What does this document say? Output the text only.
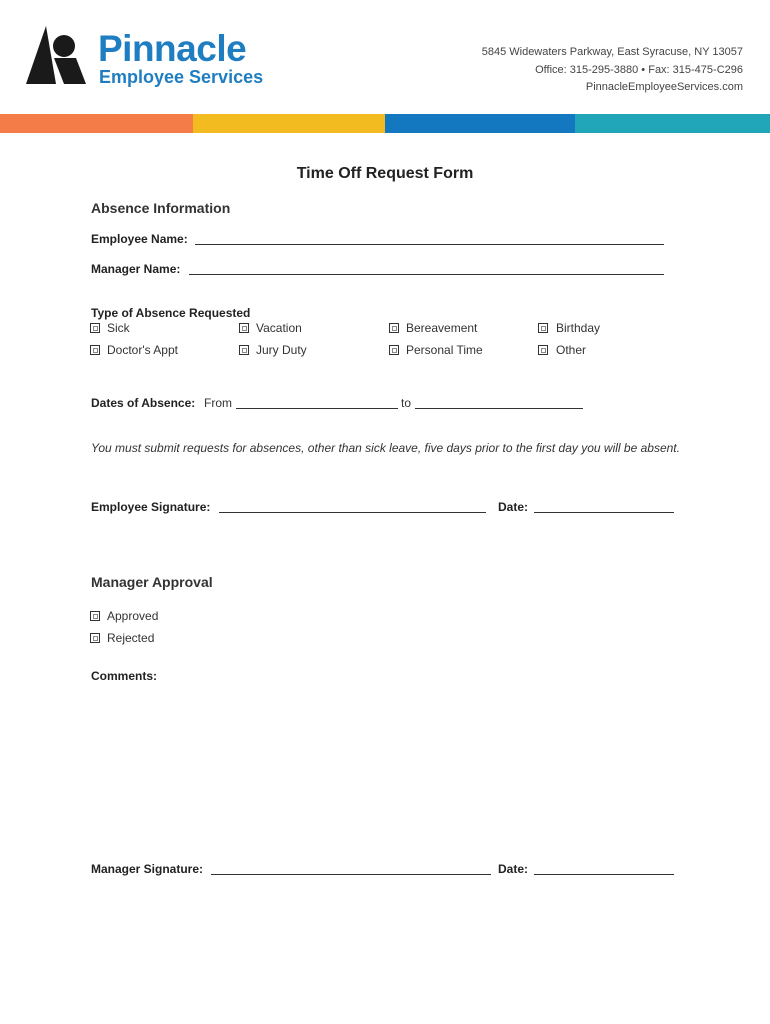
Pinnacle
Employee Services
5845 Widewaters Parkway, East Syracuse, NY 13057
Office: 315-295-3880 • Fax: 315-475-C296
PinnacleEmployeeServices.com
Time Off Request Form
Absence Information
Employee Name:
Manager Name:
Type of Absence Requested
Sick	Vacation	Bereavement	Birthday
Doctor's Appt	Jury Duty	Personal Time	Other
Dates of Absence: From	to
You must submit requests for absences, other than sick leave, five days prior to the first day you will be absent.
Employee Signature:	Date:
Manager Approval
Approved
Rejected
Comments:
Manager Signature:	Date:
